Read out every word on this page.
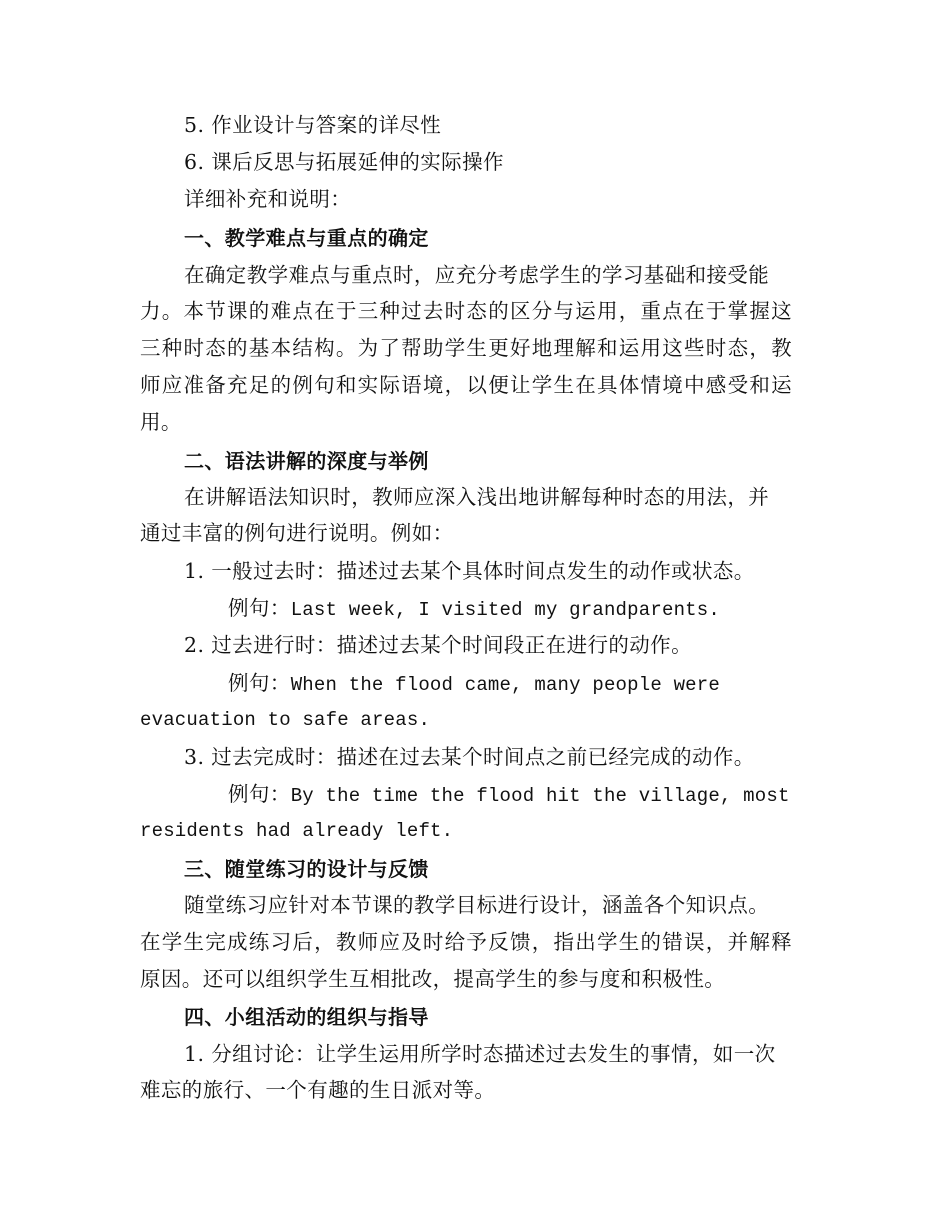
5. 作业设计与答案的详尽性
6. 课后反思与拓展延伸的实际操作
详细补充和说明：
一、教学难点与重点的确定
在确定教学难点与重点时，应充分考虑学生的学习基础和接受能
力。本节课的难点在于三种过去时态的区分与运用，重点在于掌握这
三种时态的基本结构。为了帮助学生更好地理解和运用这些时态，教
师应准备充足的例句和实际语境，以便让学生在具体情境中感受和运
用。
二、语法讲解的深度与举例
在讲解语法知识时，教师应深入浅出地讲解每种时态的用法，并
通过丰富的例句进行说明。例如：
1. 一般过去时：描述过去某个具体时间点发生的动作或状态。
例句：Last week, I visited my grandparents.
2. 过去进行时：描述过去某个时间段正在进行的动作。
例句：When the flood came, many people were
evacuation to safe areas.
3. 过去完成时：描述在过去某个时间点之前已经完成的动作。
例句：By the time the flood hit the village, most
residents had already left.
三、随堂练习的设计与反馈
随堂练习应针对本节课的教学目标进行设计，涵盖各个知识点。
在学生完成练习后，教师应及时给予反馈，指出学生的错误，并解释
原因。还可以组织学生互相批改，提高学生的参与度和积极性。
四、小组活动的组织与指导
1. 分组讨论：让学生运用所学时态描述过去发生的事情，如一次
难忘的旅行、一个有趣的生日派对等。
